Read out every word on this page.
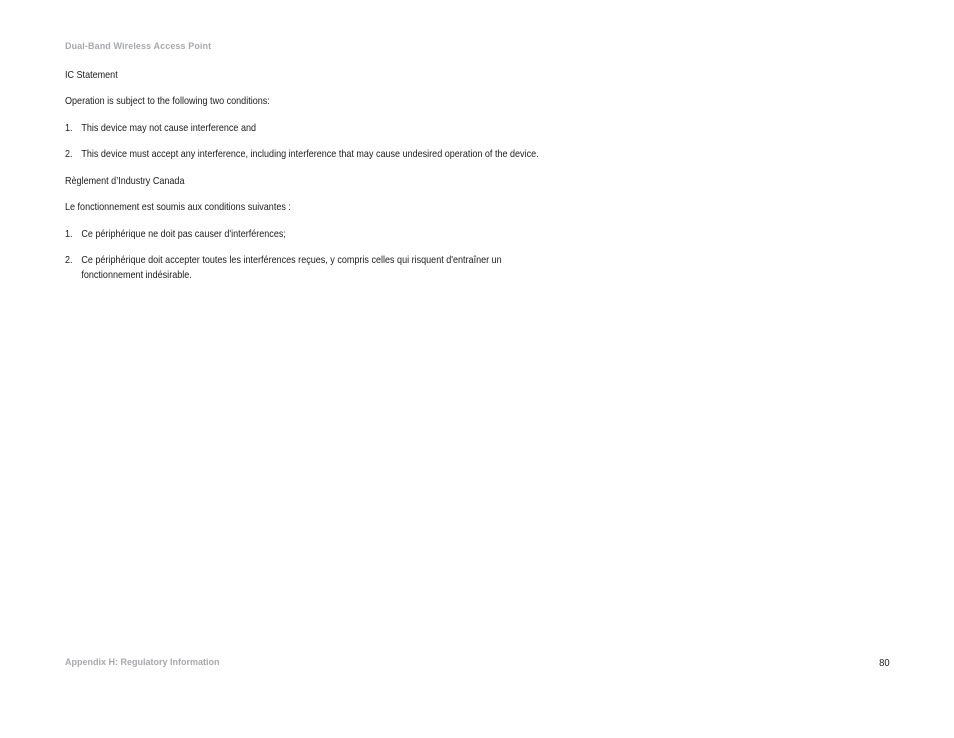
Dual-Band Wireless Access Point
IC Statement
Operation is subject to the following two conditions:
1. This device may not cause interference and
2. This device must accept any interference, including interference that may cause undesired operation of the device.
Règlement d’Industry Canada
Le fonctionnement est soumis aux conditions suivantes :
1. Ce périphérique ne doit pas causer d'interférences;
2. Ce périphérique doit accepter toutes les interférences reçues, y compris celles qui risquent d'entraîner un fonctionnement indésirable.
Appendix H: Regulatory Information	80
